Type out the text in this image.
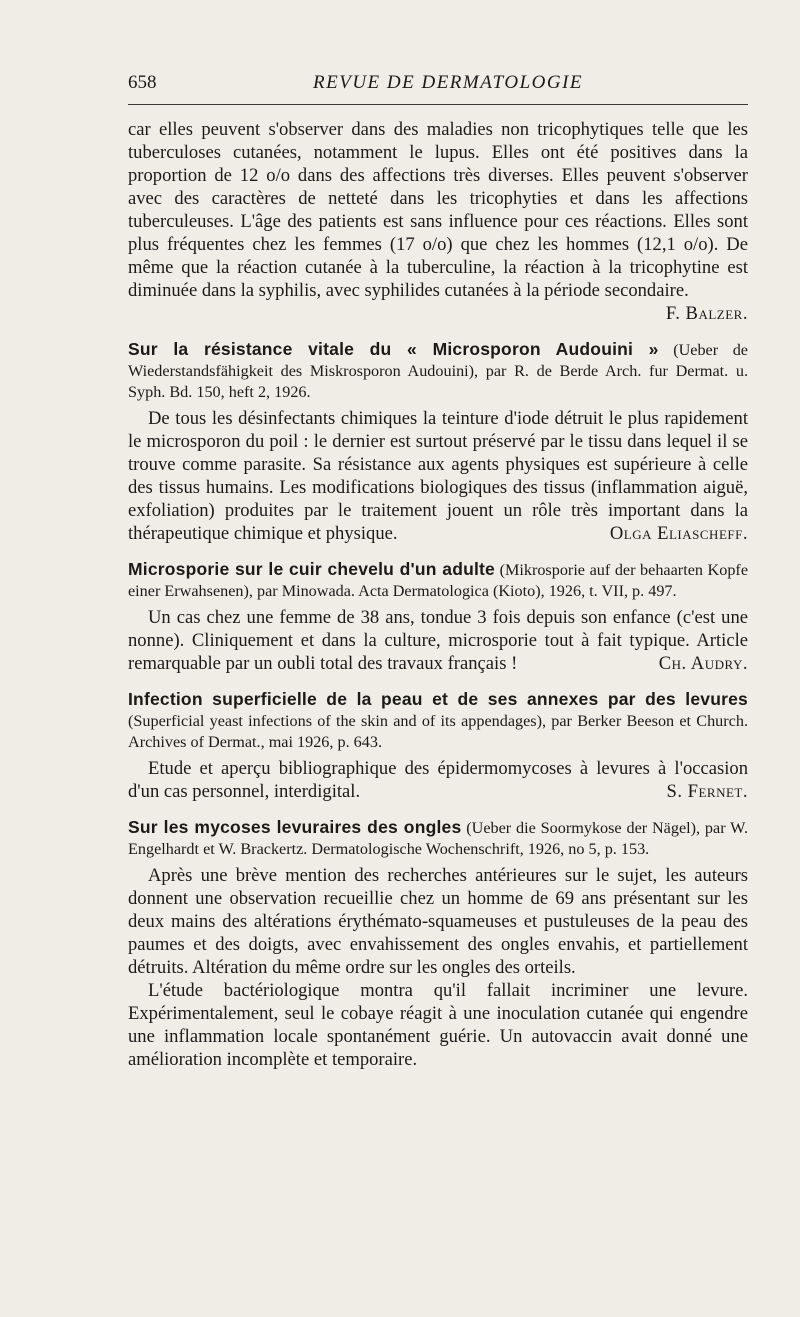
658	REVUE DE DERMATOLOGIE

car elles peuvent s'observer dans des maladies non tricophytiques telle que les tuberculoses cutanées, notamment le lupus. Elles ont été positives dans la proportion de 12 o/o dans des affections très diverses. Elles peuvent s'observer avec des caractères de netteté dans les tricophyties et dans les affections tuberculeuses. L'âge des patients est sans influence pour ces réactions. Elles sont plus fréquentes chez les femmes (17 o/o) que chez les hommes (12,1 o/o). De même que la réaction cutanée à la tuberculine, la réaction à la tricophytine est diminuée dans la syphilis, avec syphilides cutanées à la période secondaire.

F. Balzer.

Sur la résistance vitale du « Microsporon Audouini » (Ueber de Wiederstandsfähigkeit des Miskrosporon Audouini), par R. de Berde Arch. fur Dermat. u. Syph. Bd. 150, heft 2, 1926.

De tous les désinfectants chimiques la teinture d'iode détruit le plus rapidement le microsporon du poil : le dernier est surtout préservé par le tissu dans lequel il se trouve comme parasite. Sa résistance aux agents physiques est supérieure à celle des tissus humains. Les modifications biologiques des tissus (inflammation aiguë, exfoliation) produites par le traitement jouent un rôle très important dans la thérapeutique chimique et physique.	Olga Eliascheff.

Microsporie sur le cuir chevelu d'un adulte (Mikrosporie auf der behaarten Kopfe einer Erwahsenen), par Minowada. Acta Dermatologica (Kioto), 1926, t. VII, p. 497.

Un cas chez une femme de 38 ans, tondue 3 fois depuis son enfance (c'est une nonne). Cliniquement et dans la culture, microsporie tout à fait typique. Article remarquable par un oubli total des travaux français !	Ch. Audry.

Infection superficielle de la peau et de ses annexes par des levures (Superficial yeast infections of the skin and of its appendages), par Berker Beeson et Church. Archives of Dermat., mai 1926, p. 643.

Etude et aperçu bibliographique des épidermomycoses à levures à l'occasion d'un cas personnel, interdigital.	S. Fernet.

Sur les mycoses levuraires des ongles (Ueber die Soormykose der Nägel), par W. Engelhardt et W. Brackertz. Dermatologische Wochenschrift, 1926, no 5, p. 153.

Après une brève mention des recherches antérieures sur le sujet, les auteurs donnent une observation recueillie chez un homme de 69 ans présentant sur les deux mains des altérations érythémato-squameuses et pustuleuses de la peau des paumes et des doigts, avec envahissement des ongles envahis, et partiellement détruits. Altération du même ordre sur les ongles des orteils.

L'étude bactériologique montra qu'il fallait incriminer une levure. Expérimentalement, seul le cobaye réagit à une inoculation cutanée qui engendre une inflammation locale spontanément guérie. Un autovaccin avait donné une amélioration incomplète et temporaire.
